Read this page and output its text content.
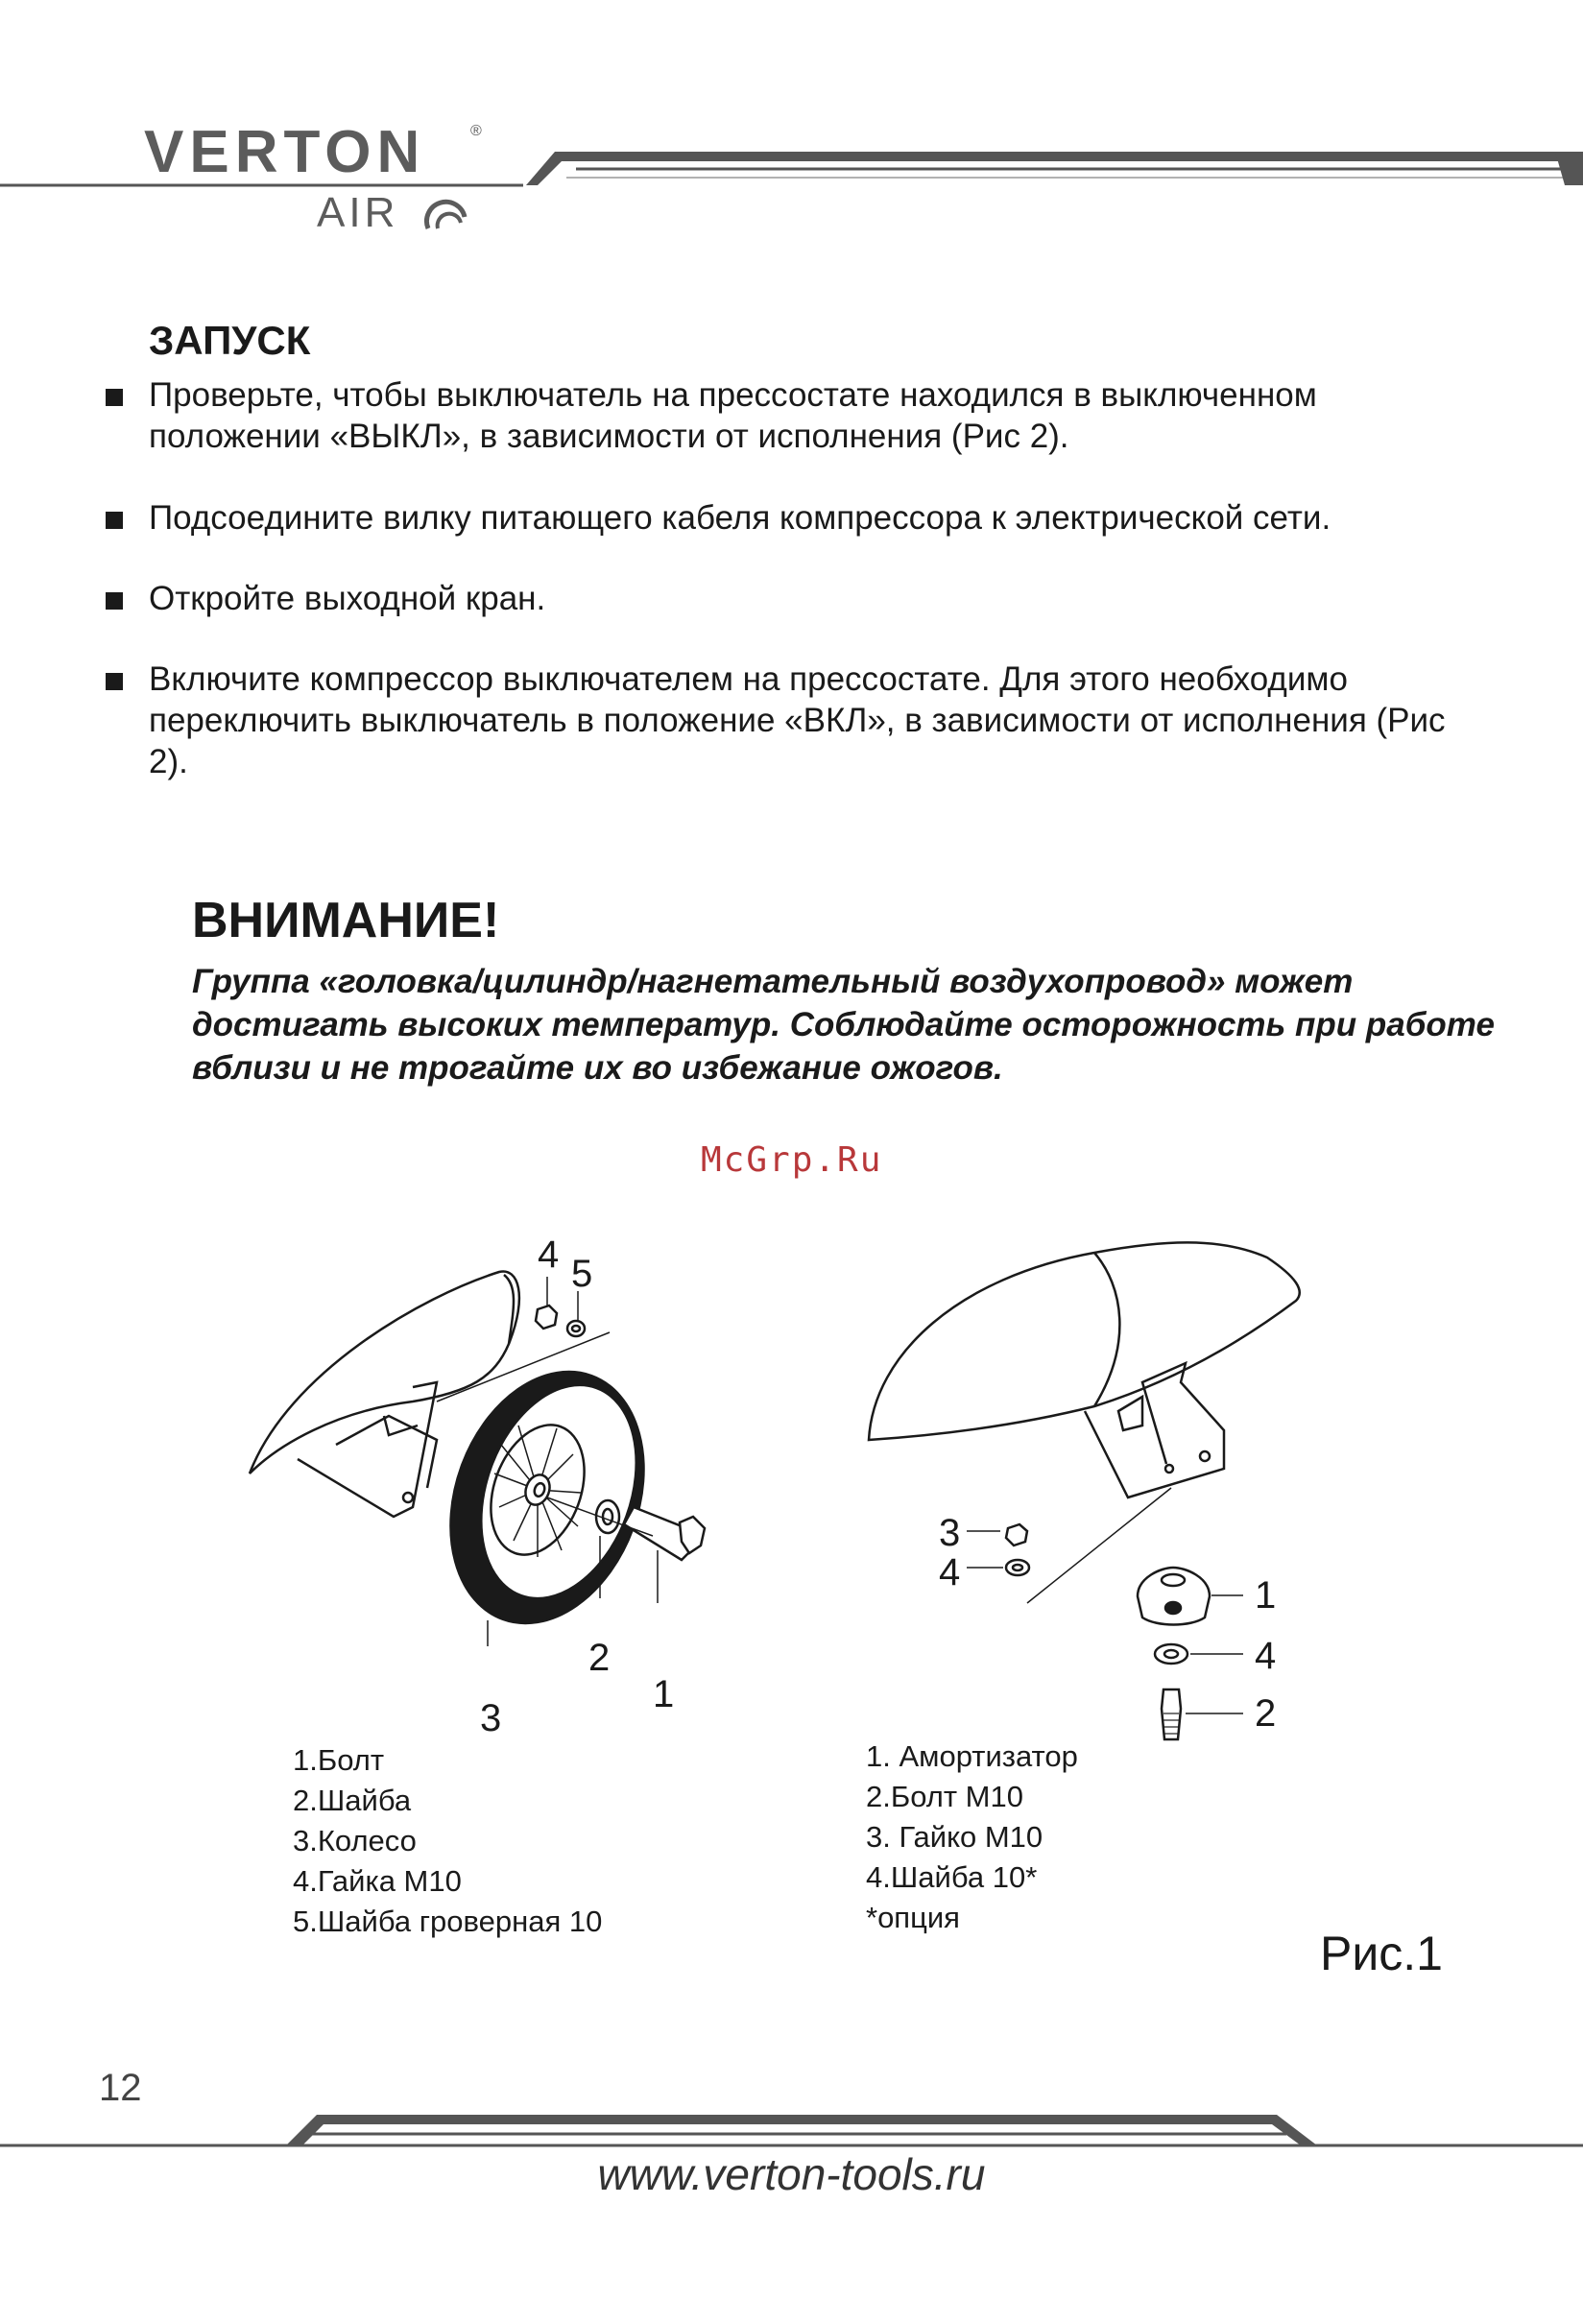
VERTON	®
AIR
ЗАПУСК
Проверьте, чтобы выключатель на прессостате находился в выключенном положении «ВЫКЛ», в зависимости от исполнения (Рис 2).
Подсоедините вилку питающего кабеля компрессора к электрической сети.
Откройте выходной кран.
Включите компрессор выключателем на прессостате. Для этого необходимо переключить выключатель в положение «ВКЛ», в зависимости от исполнения (Рис 2).
ВНИМАНИЕ!
Группа «головка/цилиндр/нагнетательный воздухопровод» может достигать высоких температур. Соблюдайте осторожность при работе вблизи и не трогайте их во избежание ожогов.
McGrp.Ru
4 5
2
1
3
1.Болт
2.Шайба
3.Колесо
4.Гайка М10
5.Шайба гроверная 10
3
4
1
4
2
1. Амортизатор
2.Болт М10
3. Гайко М10
4.Шайба 10*
*опция
Рис.1
12
www.verton-tools.ru
